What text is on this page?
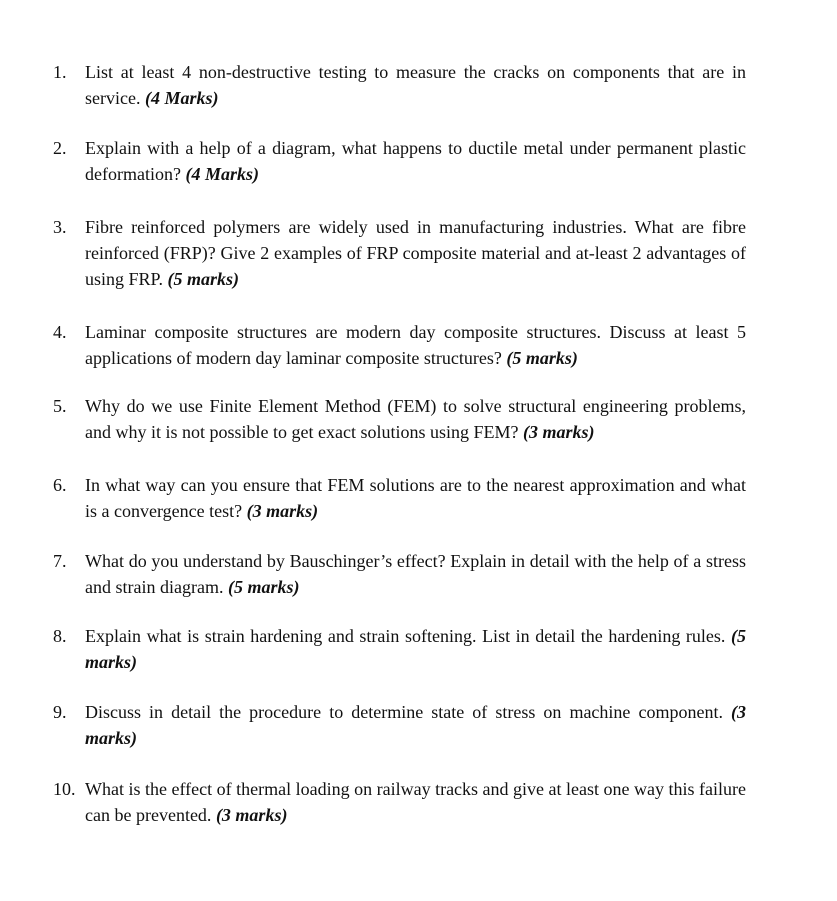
1.	List at least 4 non-destructive testing to measure the cracks on components that are in service. (4 Marks)
2.	Explain with a help of a diagram, what happens to ductile metal under permanent plastic deformation? (4 Marks)
3.	Fibre reinforced polymers are widely used in manufacturing industries. What are fibre reinforced (FRP)? Give 2 examples of FRP composite material and at-least 2 advantages of using FRP. (5 marks)
4.	Laminar composite structures are modern day composite structures. Discuss at least 5 applications of modern day laminar composite structures? (5 marks)
5.	Why do we use Finite Element Method (FEM) to solve structural engineering problems, and why it is not possible to get exact solutions using FEM? (3 marks)
6.	In what way can you ensure that FEM solutions are to the nearest approximation and what is a convergence test? (3 marks)
7.	What do you understand by Bauschinger’s effect? Explain in detail with the help of a stress and strain diagram. (5 marks)
8.	Explain what is strain hardening and strain softening. List in detail the hardening rules. (5 marks)
9.	Discuss in detail the procedure to determine state of stress on machine component. (3 marks)
10. What is the effect of thermal loading on railway tracks and give at least one way this failure can be prevented. (3 marks)
